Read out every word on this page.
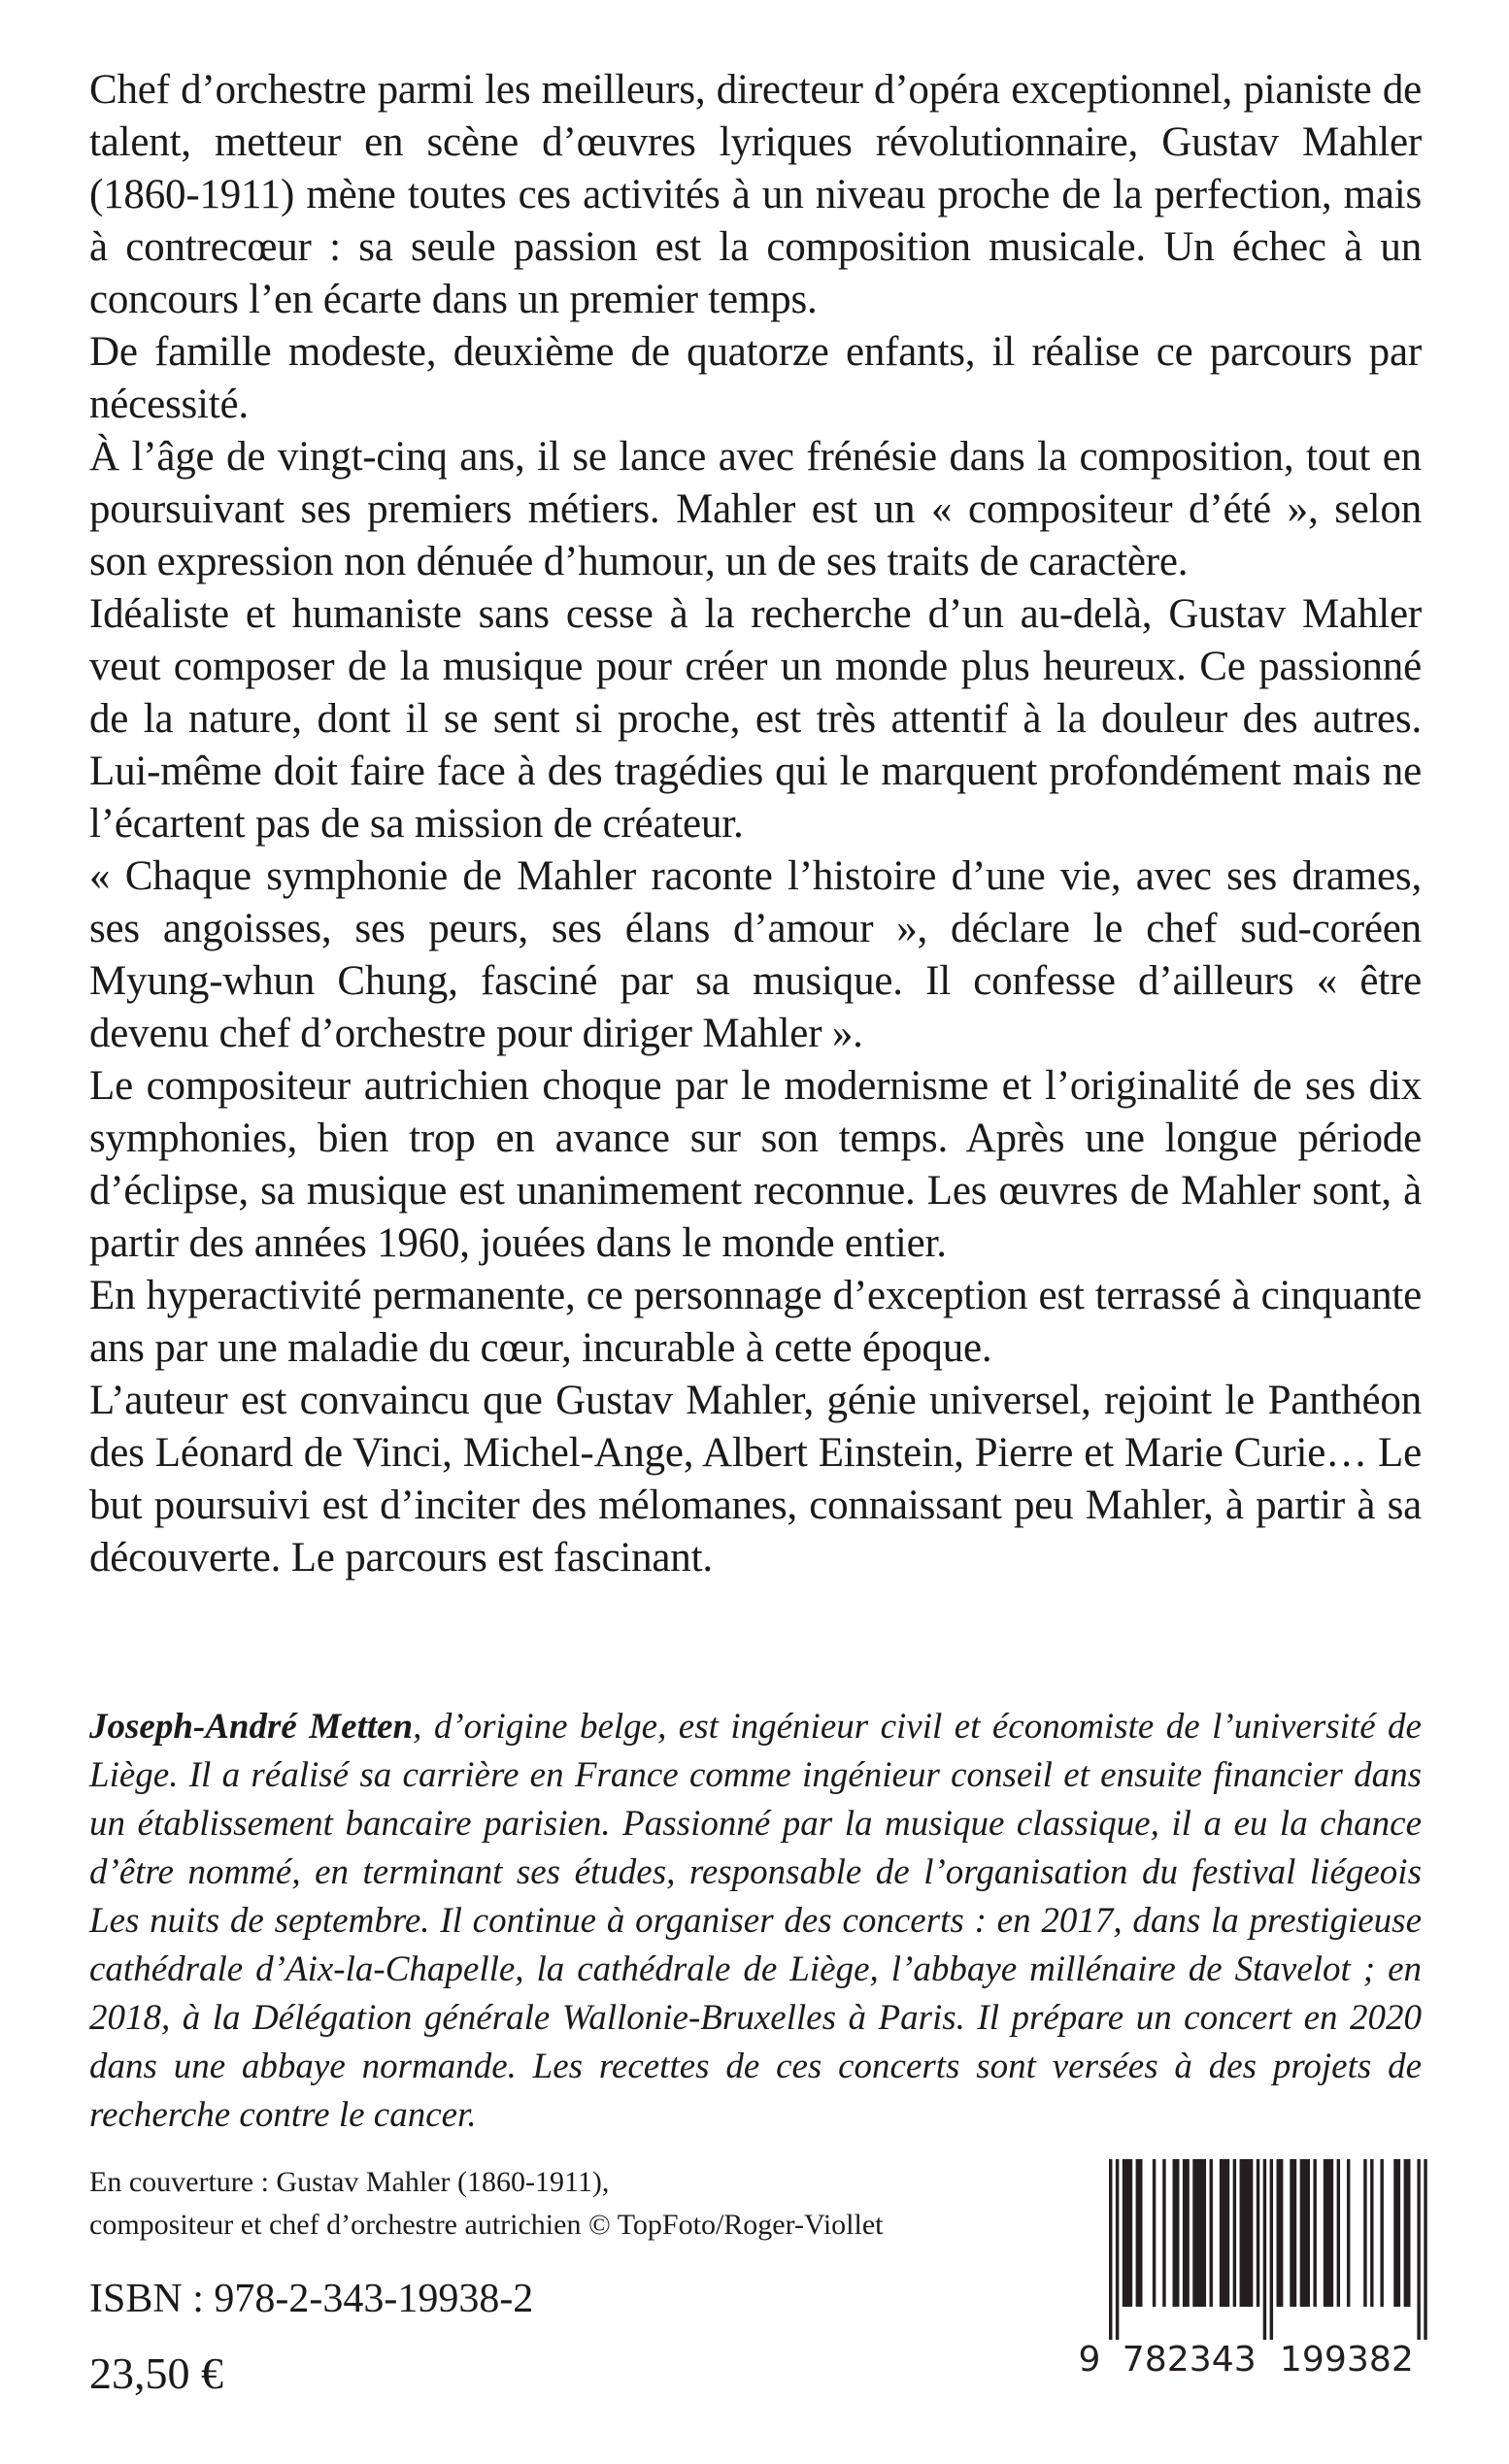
Chef d’orchestre parmi les meilleurs, directeur d’opéra exceptionnel, pianiste de talent, metteur en scène d’œuvres lyriques révolutionnaire, Gustav Mahler (1860-1911) mène toutes ces activités à un niveau proche de la perfection, mais à contrecœur : sa seule passion est la composition musicale. Un échec à un concours l’en écarte dans un premier temps.

De famille modeste, deuxième de quatorze enfants, il réalise ce parcours par nécessité.

À l’âge de vingt-cinq ans, il se lance avec frénésie dans la composition, tout en poursuivant ses premiers métiers. Mahler est un « compositeur d’été », selon son expression non dénuée d’humour, un de ses traits de caractère.

Idéaliste et humaniste sans cesse à la recherche d’un au-delà, Gustav Mahler veut composer de la musique pour créer un monde plus heureux. Ce passionné de la nature, dont il se sent si proche, est très attentif à la douleur des autres. Lui-même doit faire face à des tragédies qui le marquent profondément mais ne l’écartent pas de sa mission de créateur.

« Chaque symphonie de Mahler raconte l’histoire d’une vie, avec ses drames, ses angoisses, ses peurs, ses élans d’amour », déclare le chef sud-coréen Myung-whun Chung, fasciné par sa musique. Il confesse d’ailleurs « être devenu chef d’orchestre pour diriger Mahler ».

Le compositeur autrichien choque par le modernisme et l’originalité de ses dix symphonies, bien trop en avance sur son temps. Après une longue période d’éclipse, sa musique est unanimement reconnue. Les œuvres de Mahler sont, à partir des années 1960, jouées dans le monde entier.

En hyperactivité permanente, ce personnage d’exception est terrassé à cinquante ans par une maladie du cœur, incurable à cette époque.

L’auteur est convaincu que Gustav Mahler, génie universel, rejoint le Panthéon des Léonard de Vinci, Michel-Ange, Albert Einstein, Pierre et Marie Curie… Le but poursuivi est d’inciter des mélomanes, connaissant peu Mahler, à partir à sa découverte. Le parcours est fascinant.

Joseph-André Metten, d’origine belge, est ingénieur civil et économiste de l’université de Liège. Il a réalisé sa carrière en France comme ingénieur conseil et ensuite financier dans un établissement bancaire parisien. Passionné par la musique classique, il a eu la chance d’être nommé, en terminant ses études, responsable de l’organisation du festival liégeois Les nuits de septembre. Il continue à organiser des concerts : en 2017, dans la prestigieuse cathédrale d’Aix-la-Chapelle, la cathédrale de Liège, l’abbaye millénaire de Stavelot ; en 2018, à la Délégation générale Wallonie-Bruxelles à Paris. Il prépare un concert en 2020 dans une abbaye normande. Les recettes de ces concerts sont versées à des projets de recherche contre le cancer.

En couverture : Gustav Mahler (1860-1911),
compositeur et chef d’orchestre autrichien © TopFoto/Roger-Viollet
ISBN : 978-2-343-19938-2
23,50 €	9 782343 199382
